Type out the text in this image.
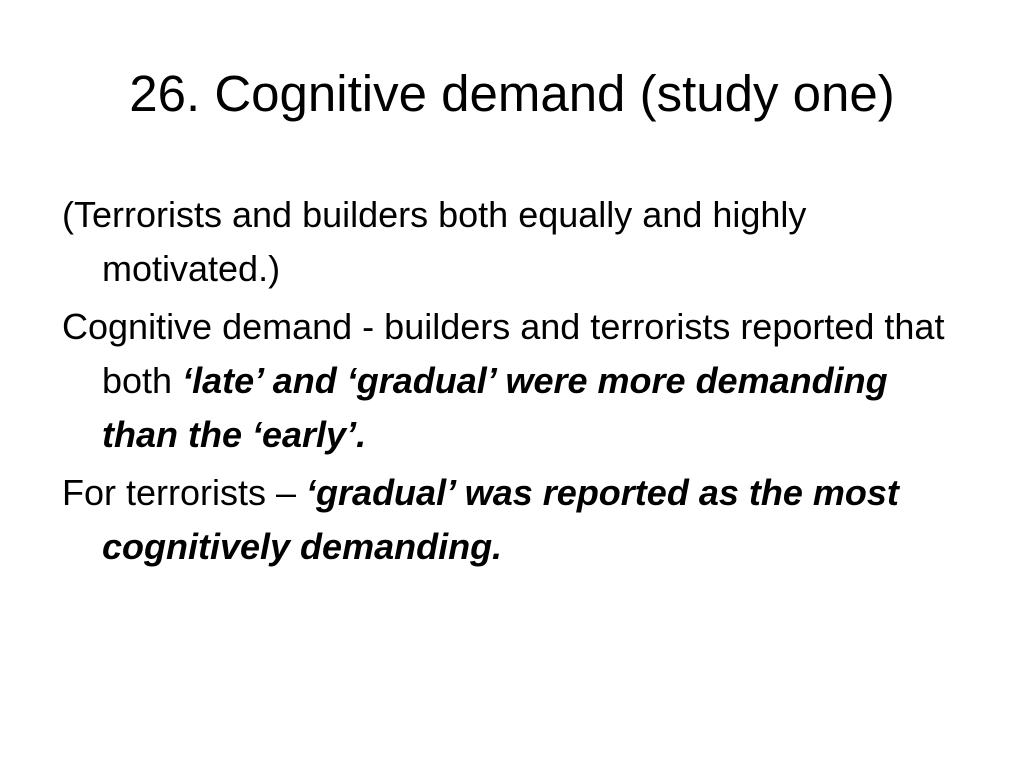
26. Cognitive demand (study one)
(Terrorists and builders both equally and highly motivated.)
Cognitive demand - builders and terrorists reported that both ‘late’ and ‘gradual’ were more demanding than the ‘early’.
For terrorists – ‘gradual’ was reported as the most cognitively demanding.
